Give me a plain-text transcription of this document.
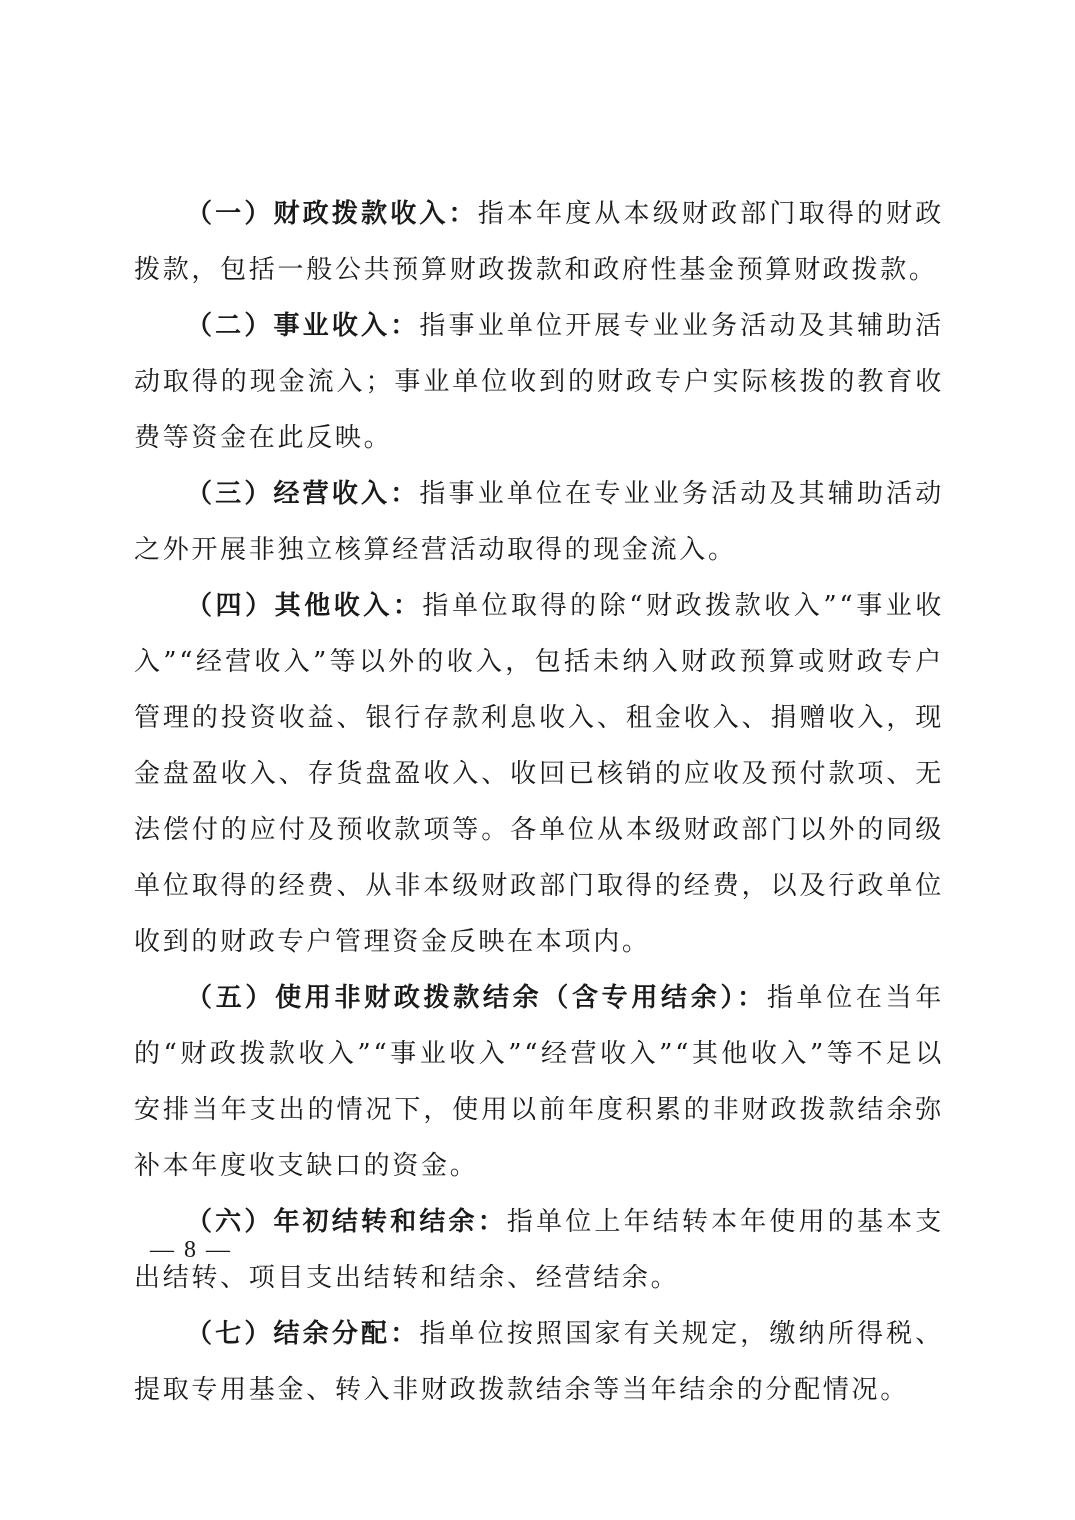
（一）财政拨款收入：指本年度从本级财政部门取得的财政拨款，包括一般公共预算财政拨款和政府性基金预算财政拨款。

（二）事业收入：指事业单位开展专业业务活动及其辅助活动取得的现金流入；事业单位收到的财政专户实际核拨的教育收费等资金在此反映。

（三）经营收入：指事业单位在专业业务活动及其辅助活动之外开展非独立核算经营活动取得的现金流入。

（四）其他收入：指单位取得的除“财政拨款收入”“事业收入”“经营收入”等以外的收入，包括未纳入财政预算或财政专户管理的投资收益、银行存款利息收入、租金收入、捐赠收入，现金盘盈收入、存货盘盈收入、收回已核销的应收及预付款项、无法偿付的应付及预收款项等。各单位从本级财政部门以外的同级单位取得的经费、从非本级财政部门取得的经费，以及行政单位收到的财政专户管理资金反映在本项内。

（五）使用非财政拨款结余（含专用结余）：指单位在当年的“财政拨款收入”“事业收入”“经营收入”“其他收入”等不足以安排当年支出的情况下，使用以前年度积累的非财政拨款结余弥补本年度收支缺口的资金。

（六）年初结转和结余：指单位上年结转本年使用的基本支出结转、项目支出结转和结余、经营结余。

（七）结余分配：指单位按照国家有关规定，缴纳所得税、提取专用基金、转入非财政拨款结余等当年结余的分配情况。

— 8 —
